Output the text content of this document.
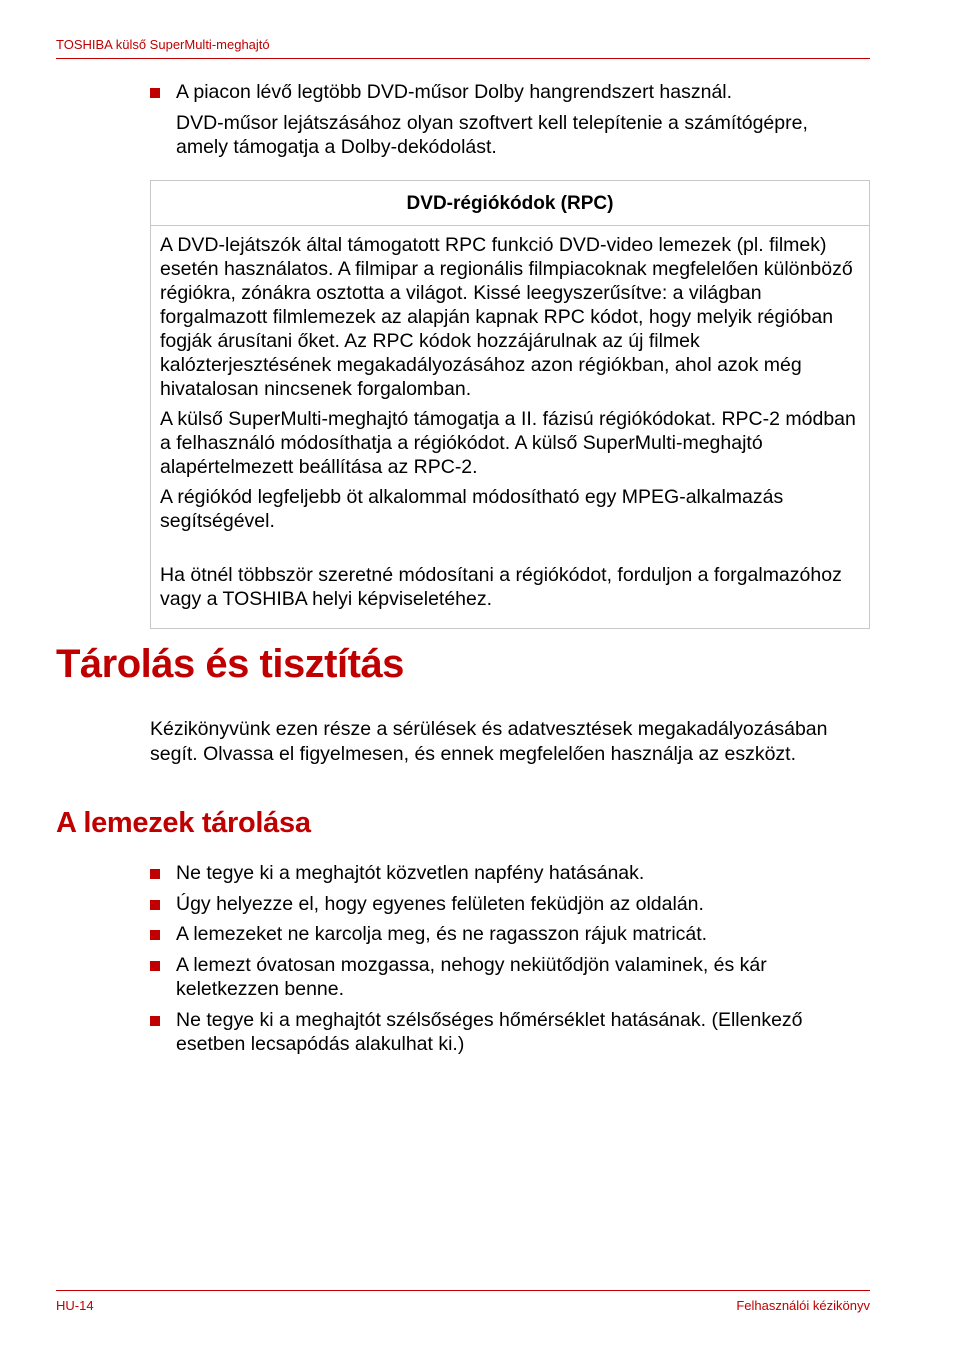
TOSHIBA külső SuperMulti-meghajtó
A piacon lévő legtöbb DVD-műsor Dolby hangrendszert használ.
DVD-műsor lejátszásához olyan szoftvert kell telepítenie a számítógépre, amely támogatja a Dolby-dekódolást.
DVD-régiókódok (RPC)

A DVD-lejátszók által támogatott RPC funkció DVD-video lemezek (pl. filmek) esetén használatos. A filmipar a regionális filmpiacoknak megfelelően különböző régiókra, zónákra osztotta a világot. Kissé leegyszerűsítve: a világban forgalmazott filmlemezek az alapján kapnak RPC kódot, hogy melyik régióban fogják árusítani őket. Az RPC kódok hozzájárulnak az új filmek kalózterjesztésének megakadályozásához azon régiókban, ahol azok még hivatalosan nincsenek forgalomban.

A külső SuperMulti-meghajtó támogatja a II. fázisú régiókódokat. RPC-2 módban a felhasználó módosíthatja a régiókódot. A külső SuperMulti-meghajtó alapértelmezett beállítása az RPC-2.

A régiókód legfeljebb öt alkalommal módosítható egy MPEG-alkalmazás segítségével.

Ha ötnél többször szeretné módosítani a régiókódot, forduljon a forgalmazóhoz vagy a TOSHIBA helyi képviseletéhez.

Tárolás és tisztítás
Kézikönyvünk ezen része a sérülések és adatvesztések megakadályozásában segít. Olvassa el figyelmesen, és ennek megfelelően használja az eszközt.
A lemezek tárolása
Ne tegye ki a meghajtót közvetlen napfény hatásának.
Úgy helyezze el, hogy egyenes felületen feküdjön az oldalán.
A lemezeket ne karcolja meg, és ne ragasszon rájuk matricát.
A lemezt óvatosan mozgassa, nehogy nekiütődjön valaminek, és kár keletkezzen benne.
Ne tegye ki a meghajtót szélsőséges hőmérséklet hatásának. (Ellenkező esetben lecsapódás alakulhat ki.)
HU-14	Felhasználói kézikönyv
